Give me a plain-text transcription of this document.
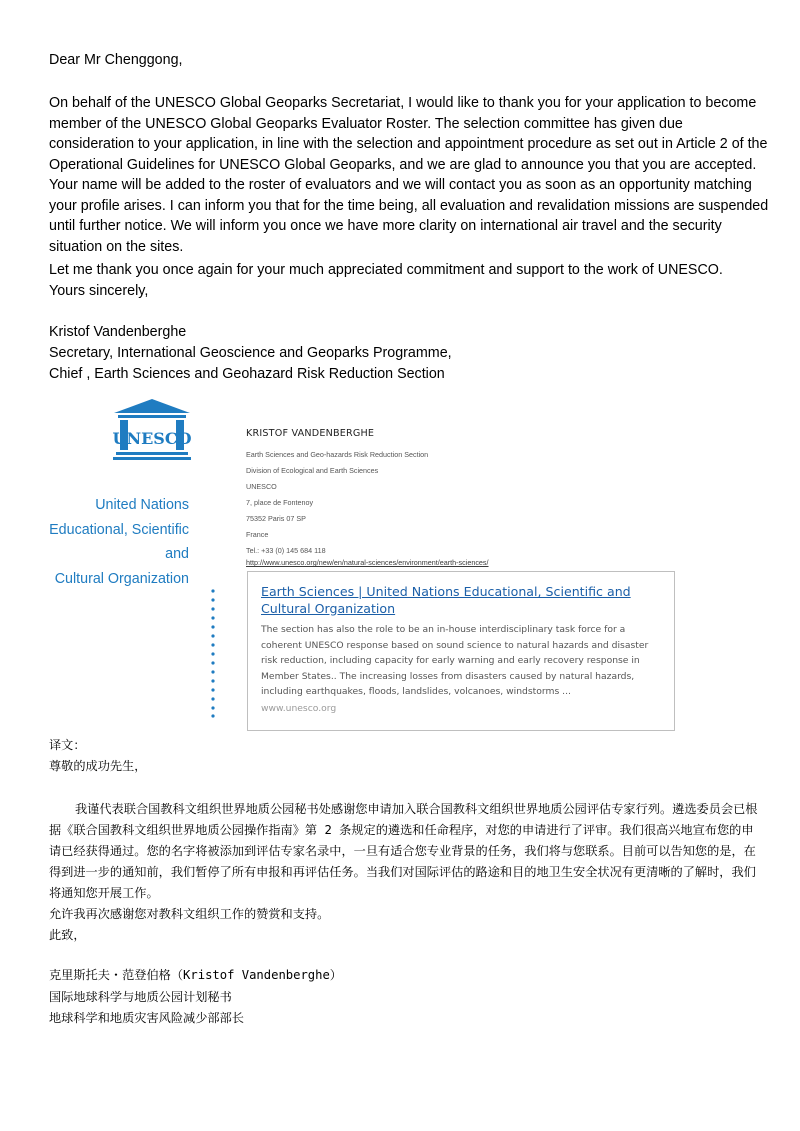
Dear Mr Chenggong,

On behalf of the UNESCO Global Geoparks Secretariat, I would like to thank you for your application to become member of the UNESCO Global Geoparks Evaluator Roster. The selection committee has given due consideration to your application, in line with the selection and appointment procedure as set out in Article 2 of the Operational Guidelines for UNESCO Global Geoparks, and we are glad to announce you that you are accepted. Your name will be added to the roster of evaluators and we will contact you as soon as an opportunity matching your profile arises. I can inform you that for the time being, all evaluation and revalidation missions are suspended until further notice. We will inform you once we have more clarity on international air travel and the security situation on the sites.

Let me thank you once again for your much appreciated commitment and support to the work of UNESCO.
Yours sincerely,
Kristof Vandenberghe
Secretary, International Geoscience and Geoparks Programme,
Chief , Earth Sciences and Geohazard Risk Reduction Section
UNESCO
United Nations
Educational, Scientific
and
Cultural Organization
KRISTOF VANDENBERGHE
Earth Sciences and Geo-hazards Risk Reduction Section
Division of Ecological and Earth Sciences
UNESCO
7, place de Fontenoy
75352 Paris 07 SP
France
Tel.: +33 (0) 145 684 118
http://www.unesco.org/new/en/natural-sciences/environment/earth-sciences/
Earth Sciences | United Nations Educational, Scientific and Cultural Organization
The section has also the role to be an in-house interdisciplinary task force for a coherent UNESCO response based on sound science to natural hazards and disaster risk reduction, including capacity for early warning and early recovery response in Member States.. The increasing losses from disasters caused by natural hazards, including earthquakes, floods, landslides, volcanoes, windstorms ...
www.unesco.org
译文：
尊敬的成功先生，

我谨代表联合国教科文组织世界地质公园秘书处感谢您申请加入联合国教科文组织世界地质公园评估专家行列。遴选委员会已根据《联合国教科文组织世界地质公园操作指南》第 2 条规定的遴选和任命程序，对您的申请进行了评审。我们很高兴地宣布您的申请已经获得通过。您的名字将被添加到评估专家名录中，一旦有适合您专业背景的任务，我们将与您联系。目前可以告知您的是，在得到进一步的通知前，我们暂停了所有申报和再评估任务。当我们对国际评估的路途和目的地卫生安全状况有更清晰的了解时，我们将通知您开展工作。

允许我再次感谢您对教科文组织工作的赞赏和支持。
此致，
克里斯托夫・范登伯格（Kristof Vandenberghe）
国际地球科学与地质公园计划秘书
地球科学和地质灾害风险减少部部长
